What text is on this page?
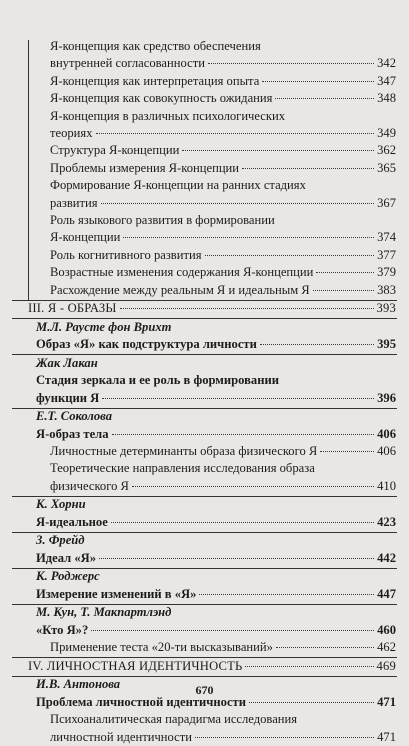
Я-концепция как средство обеспечения
внутренней согласованности	342
Я-концепция как интерпретация опыта	347
Я-концепция как совокупность ожидания	348
Я-концепция в различных психологических
теориях	349
Структура Я-концепции	362
Проблемы измерения Я-концепции	365
Формирование Я-концепции на ранних стадиях
развития	367
Роль языкового развития в формировании
Я-концепции	374
Роль когнитивного развития	377
Возрастные изменения содержания Я-концепции	379
Расхождение между реальным Я и идеальным Я	383
III. Я - ОБРАЗЫ	393
М.Л. Раусте фон Врихт
Образ «Я» как подструктура личности	395
Жак Лакан
Стадия зеркала и ее роль в формировании
функции Я	396
Е.Т. Соколова
Я-образ тела	406
Личностные детерминанты образа физического Я	406
Теоретические направления исследования образа
физического Я	410
К. Хорни
Я-идеальное	423
З. Фрейд
Идеал «Я»	442
К. Роджерс
Измерение изменений в «Я»	447
М. Кун, Т. Макпартлэнд
«Кто Я»?	460
Применение теста «20-ти высказываний»	462
IV. ЛИЧНОСТНАЯ ИДЕНТИЧНОСТЬ	469
И.В. Антонова
Проблема личностной идентичности	471
Психоаналитическая парадигма исследования
личностной идентичности	471
670
